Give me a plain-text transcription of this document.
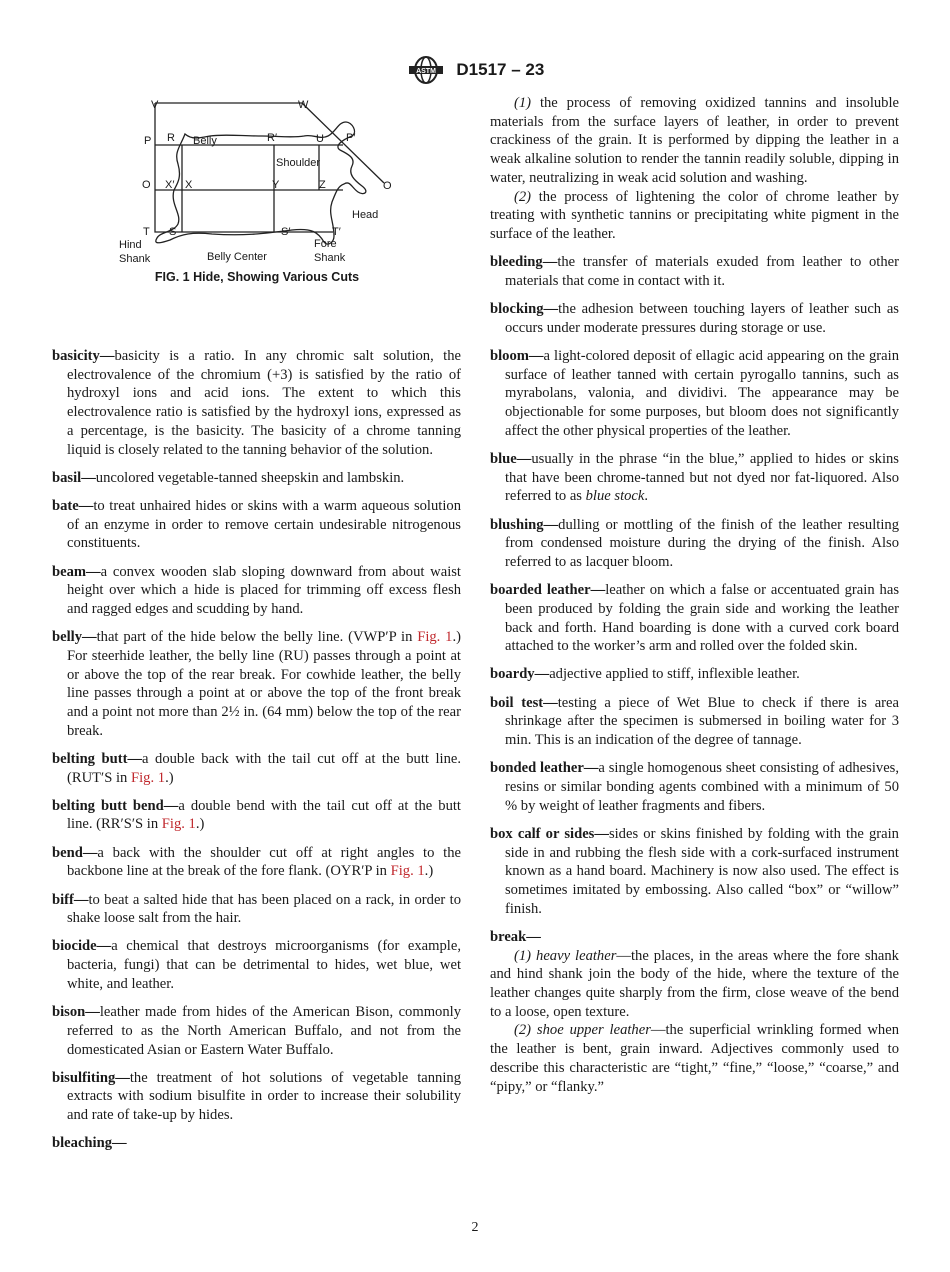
ASTM D1517 – 23
V	W
P R	R′	U P′
O X′ X	Y	Z	O
T S	S′	T′
Belly
Shoulder
Head
Hind
Shank	Belly Center
Fore
Shank
FIG. 1 Hide, Showing Various Cuts

basicity—basicity is a ratio. In any chromic salt solution, the electrovalence of the chromium (+3) is satisfied by the ratio of hydroxyl ions and acid ions. The extent to which this electrovalence ratio is satisfied by the hydroxyl ions, expressed as a percentage, is the basicity. The basicity of a chrome tanning liquid is closely related to the tanning behavior of the solution.

basil—uncolored vegetable-tanned sheepskin and lambskin.

bate—to treat unhaired hides or skins with a warm aqueous solution of an enzyme in order to remove certain undesirable nitrogenous constituents.

beam—a convex wooden slab sloping downward from about waist height over which a hide is placed for trimming off excess flesh and ragged edges and scudding by hand.

belly—that part of the hide below the belly line. (VWP′P in Fig. 1.) For steerhide leather, the belly line (RU) passes through a point at or above the top of the rear break. For cowhide leather, the belly line passes through a point at or above the top of the front break and a point not more than 2½ in. (64 mm) below the top of the rear break.

belting butt—a double back with the tail cut off at the butt line. (RUT′S in Fig. 1.)

belting butt bend—a double bend with the tail cut off at the butt line. (RR′S′S in Fig. 1.)

bend—a back with the shoulder cut off at right angles to the backbone line at the break of the fore flank. (OYR′P in Fig. 1.)

biff—to beat a salted hide that has been placed on a rack, in order to shake loose salt from the hair.

biocide—a chemical that destroys microorganisms (for example, bacteria, fungi) that can be detrimental to hides, wet blue, wet white, and leather.

bison—leather made from hides of the American Bison, commonly referred to as the North American Buffalo, and not from the domesticated Asian or Eastern Water Buffalo.

bisulfiting—the treatment of hot solutions of vegetable tanning extracts with sodium bisulfite in order to increase their solubility and rate of take-up by hides.

bleaching—

(1) the process of removing oxidized tannins and insoluble materials from the surface layers of leather, in order to prevent crackiness of the grain. It is performed by dipping the leather in a weak alkaline solution to render the tannin readily soluble, dipping in water, neutralizing in weak acid solution and washing.

(2) the process of lightening the color of chrome leather by treating with synthetic tannins or precipitating white pigment in the surface of the leather.

bleeding—the transfer of materials exuded from leather to other materials that come in contact with it.

blocking—the adhesion between touching layers of leather such as occurs under moderate pressures during storage or use.

bloom—a light-colored deposit of ellagic acid appearing on the grain surface of leather tanned with certain pyrogallo tannins, such as myrabolans, valonia, and dividivi. The appearance may be objectionable for some purposes, but bloom does not significantly affect the other physical properties of the leather.

blue—usually in the phrase “in the blue,” applied to hides or skins that have been chrome-tanned but not dyed nor fat-liquored. Also referred to as blue stock.

blushing—dulling or mottling of the finish of the leather resulting from condensed moisture during the drying of the finish. Also referred to as lacquer bloom.

boarded leather—leather on which a false or accentuated grain has been produced by folding the grain side and working the leather back and forth. Hand boarding is done with a curved cork board attached to the worker’s arm and rolled over the folded skin.

boardy—adjective applied to stiff, inflexible leather.

boil test—testing a piece of Wet Blue to check if there is area shrinkage after the specimen is submersed in boiling water for 3 min. This is an indication of the degree of tannage.

bonded leather—a single homogenous sheet consisting of adhesives, resins or similar bonding agents combined with a minimum of 50 % by weight of leather fragments and fibers.

box calf or sides—sides or skins finished by folding with the grain side in and rubbing the flesh side with a cork-surfaced instrument known as a hand board. Machinery is now also used. The effect is sometimes imitated by embossing. Also called “box” or “willow” finish.

break—

(1) heavy leather—the places, in the areas where the fore shank and hind shank join the body of the hide, where the texture of the leather changes quite sharply from the firm, close weave of the bend to a loose, open texture.

(2) shoe upper leather—the superficial wrinkling formed when the leather is bent, grain inward. Adjectives commonly used to describe this characteristic are “tight,” “fine,” “loose,” “coarse,” and “pipy,” or “flanky.”

2
